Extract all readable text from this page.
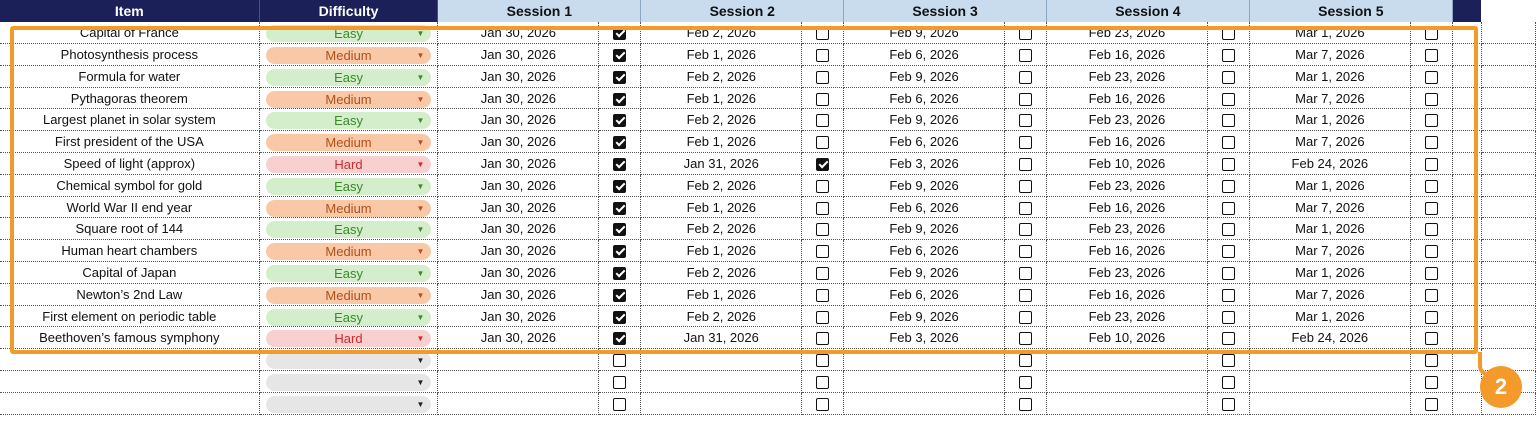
Item	Difficulty	Session 1		Session 2		Session 3		Session 4		Session 5			
Capital of France	Easy ▼	Jan 30, 2026		Feb 2, 2026		Feb 9, 2026		Feb 23, 2026		Mar 1, 2026			
Photosynthesis process	Medium ▼	Jan 30, 2026		Feb 1, 2026		Feb 6, 2026		Feb 16, 2026		Mar 7, 2026			
Formula for water	Easy ▼	Jan 30, 2026		Feb 2, 2026		Feb 9, 2026		Feb 23, 2026		Mar 1, 2026			
Pythagoras theorem	Medium ▼	Jan 30, 2026		Feb 1, 2026		Feb 6, 2026		Feb 16, 2026		Mar 7, 2026			
Largest planet in solar system	Easy ▼	Jan 30, 2026		Feb 2, 2026		Feb 9, 2026		Feb 23, 2026		Mar 1, 2026			
First president of the USA	Medium ▼	Jan 30, 2026		Feb 1, 2026		Feb 6, 2026		Feb 16, 2026		Mar 7, 2026			
Speed of light (approx)	Hard ▼	Jan 30, 2026		Jan 31, 2026		Feb 3, 2026		Feb 10, 2026		Feb 24, 2026			
Chemical symbol for gold	Easy ▼	Jan 30, 2026		Feb 2, 2026		Feb 9, 2026		Feb 23, 2026		Mar 1, 2026			
World War II end year	Medium ▼	Jan 30, 2026		Feb 1, 2026		Feb 6, 2026		Feb 16, 2026		Mar 7, 2026			
Square root of 144	Easy ▼	Jan 30, 2026		Feb 2, 2026		Feb 9, 2026		Feb 23, 2026		Mar 1, 2026			
Human heart chambers	Medium ▼	Jan 30, 2026		Feb 1, 2026		Feb 6, 2026		Feb 16, 2026		Mar 7, 2026			
Capital of Japan	Easy ▼	Jan 30, 2026		Feb 2, 2026		Feb 9, 2026		Feb 23, 2026		Mar 1, 2026			
Newton’s 2nd Law	Medium ▼	Jan 30, 2026		Feb 1, 2026		Feb 6, 2026		Feb 16, 2026		Mar 7, 2026			
First element on periodic table	Easy ▼	Jan 30, 2026		Feb 2, 2026		Feb 9, 2026		Feb 23, 2026		Mar 1, 2026			
Beethoven’s famous symphony	Hard ▼	Jan 30, 2026		Jan 31, 2026		Feb 3, 2026		Feb 10, 2026		Feb 24, 2026			

	▼												

	▼												

	▼												

2
